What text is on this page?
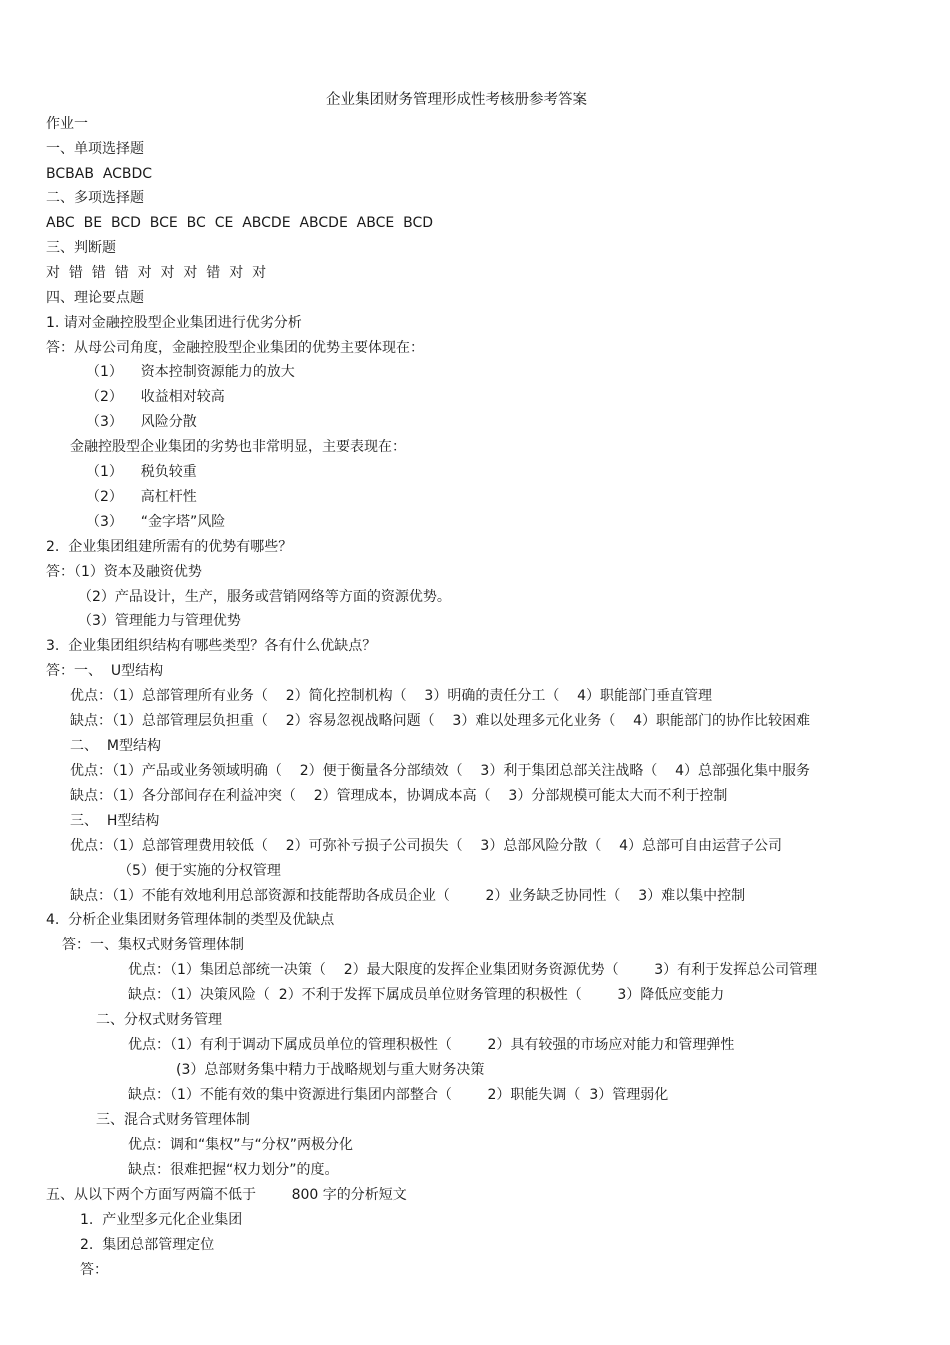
企业集团财务管理形成性考核册参考答案
作业一
一、单项选择题
BCBAB  ACBDC
二、多项选择题
ABC  BE  BCD  BCE  BC  CE  ABCDE  ABCDE  ABCE  BCD
三、判断题
对  错  错  错  对  对  对  错  对  对
四、理论要点题
1. 请对金融控股型企业集团进行优劣分析
答：从母公司角度，金融控股型企业集团的优势主要体现在：
（1）    资本控制资源能力的放大
（2）    收益相对较高
（3）    风险分散
金融控股型企业集团的劣势也非常明显，主要表现在：
（1）    税负较重
（2）    高杠杆性
（3）    “金字塔”风险
2.  企业集团组建所需有的优势有哪些？
答：（1）资本及融资优势
（2）产品设计，生产，服务或营销网络等方面的资源优势。
（3）管理能力与管理优势
3.  企业集团组织结构有哪些类型？各有什么优缺点？
答：一、  U型结构
优点：（1）总部管理所有业务（    2）简化控制机构（    3）明确的责任分工（    4）职能部门垂直管理
缺点：（1）总部管理层负担重（    2）容易忽视战略问题（    3）难以处理多元化业务（    4）职能部门的协作比较困难
二、  M型结构
优点：（1）产品或业务领域明确（    2）便于衡量各分部绩效（    3）利于集团总部关注战略（    4）总部强化集中服务
缺点：（1）各分部间存在利益冲突（    2）管理成本，协调成本高（    3）分部规模可能太大而不利于控制
三、  H型结构
优点：（1）总部管理费用较低（    2）可弥补亏损子公司损失（    3）总部风险分散（    4）总部可自由运营子公司
（5）便于实施的分权管理
缺点：（1）不能有效地利用总部资源和技能帮助各成员企业（        2）业务缺乏协同性（    3）难以集中控制
4.  分析企业集团财务管理体制的类型及优缺点
答：一、集权式财务管理体制
优点：（1）集团总部统一决策（    2）最大限度的发挥企业集团财务资源优势（        3）有利于发挥总公司管理
缺点：（1）决策风险（  2）不利于发挥下属成员单位财务管理的积极性（        3）降低应变能力
二、分权式财务管理
优点：（1）有利于调动下属成员单位的管理积极性（        2）具有较强的市场应对能力和管理弹性
(3）总部财务集中精力于战略规划与重大财务决策
缺点：（1）不能有效的集中资源进行集团内部整合（        2）职能失调（  3）管理弱化
三、混合式财务管理体制
优点：调和“集权”与“分权”两极分化
缺点：很难把握“权力划分”的度。
五、从以下两个方面写两篇不低于        800 字的分析短文
1.  产业型多元化企业集团
2.  集团总部管理定位
答：
